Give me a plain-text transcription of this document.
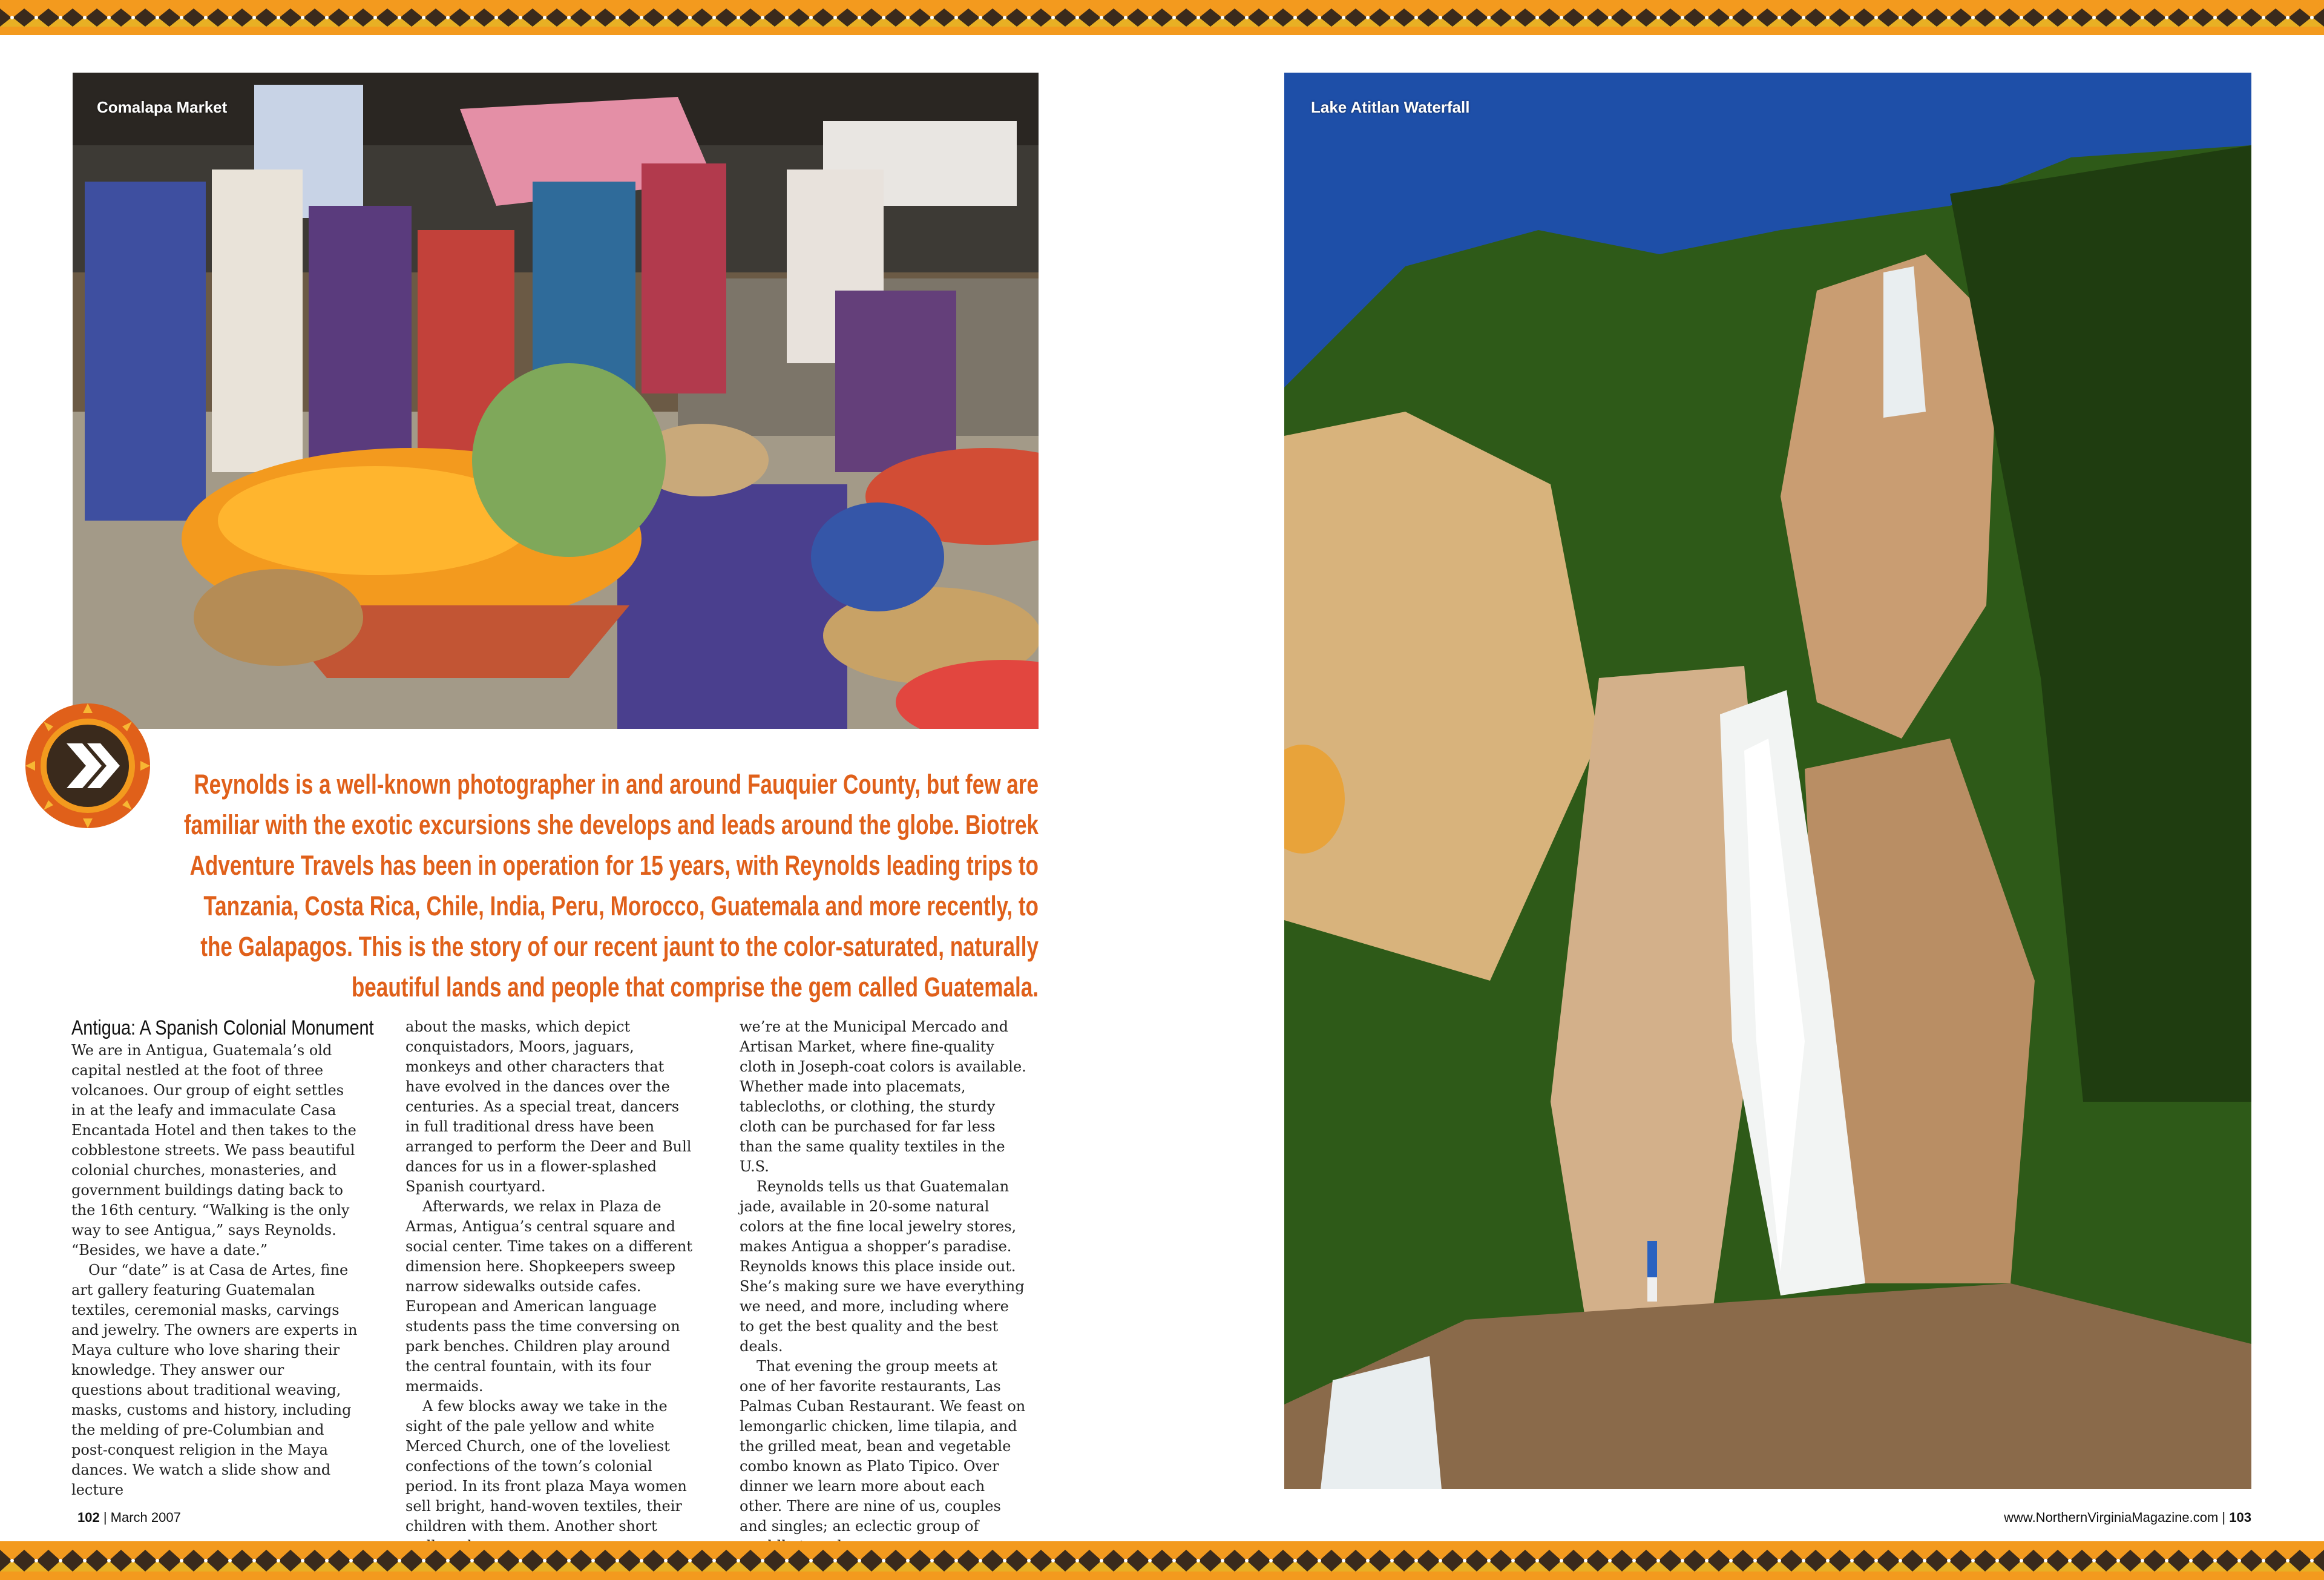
Comalapa Market	Lake Atitlan Waterfall
Reynolds is a well-known photographer in and around Fauquier County, but few are familiar with the exotic excursions she develops and leads around the globe. Biotrek Adventure Travels has been in operation for 15 years, with Reynolds leading trips to Tanzania, Costa Rica, Chile, India, Peru, Morocco, Guatemala and more recently, to the Galapagos. This is the story of our recent jaunt to the color-saturated, naturally beautiful lands and people that comprise the gem called Guatemala.
Antigua: A Spanish Colonial Monument

We are in Antigua, Guatemala’s old capital nestled at the foot of three volcanoes. Our group of eight settles in at the leafy and immaculate Casa Encantada Hotel and then takes to the cobblestone streets. We pass beautiful colonial churches, monasteries, and government buildings dating back to the 16th century. “Walking is the only way to see Antigua,” says Reynolds. “Besides, we have a date.”

Our “date” is at Casa de Artes, fine art gallery featuring Guatemalan textiles, ceremonial masks, carvings and jewelry. The owners are experts in Maya culture who love sharing their knowledge. They answer our questions about traditional weaving, masks, customs and history, including the melding of pre-Columbian and post-conquest religion in the Maya dances. We watch a slide show and lecture

about the masks, which depict conquistadors, Moors, jaguars, monkeys and other characters that have evolved in the dances over the centuries. As a special treat, dancers in full traditional dress have been arranged to perform the Deer and Bull dances for us in a flower-splashed Spanish courtyard.

Afterwards, we relax in Plaza de Armas, Antigua’s central square and social center. Time takes on a different dimension here. Shopkeepers sweep narrow sidewalks outside cafes. European and American language students pass the time conversing on park benches. Children play around the central fountain, with its four mermaids.

A few blocks away we take in the sight of the pale yellow and white Merced Church, one of the loveliest confections of the town’s colonial period. In its front plaza Maya women sell bright, hand-woven textiles, their children with them. Another short

we’re at the Municipal Mercado and Artisan Market, where fine-quality cloth in Joseph-coat colors is available. Whether made into placemats, tablecloths, or clothing, the sturdy cloth can be purchased for far less than the same quality textiles in the U.S.

Reynolds tells us that Guatemalan jade, available in 20-some natural colors at the fine local jewelry stores, makes Antigua a shopper’s paradise. Reynolds knows this place inside out. She’s making sure we have everything we need, and more, including where to get the best quality and the best deals.

That evening the group meets at one of her favorite restaurants, Las Palmas Cuban Restaurant. We feast on lemongarlic chicken, lime tilapia, and the grilled meat, bean and vegetable combo known as Plato Tipico. Over dinner we learn more about each other. There are nine of us, couples and singles; an eclectic group of

102 | March 2007	www.NorthernVirginiaMagazine.com | 103
